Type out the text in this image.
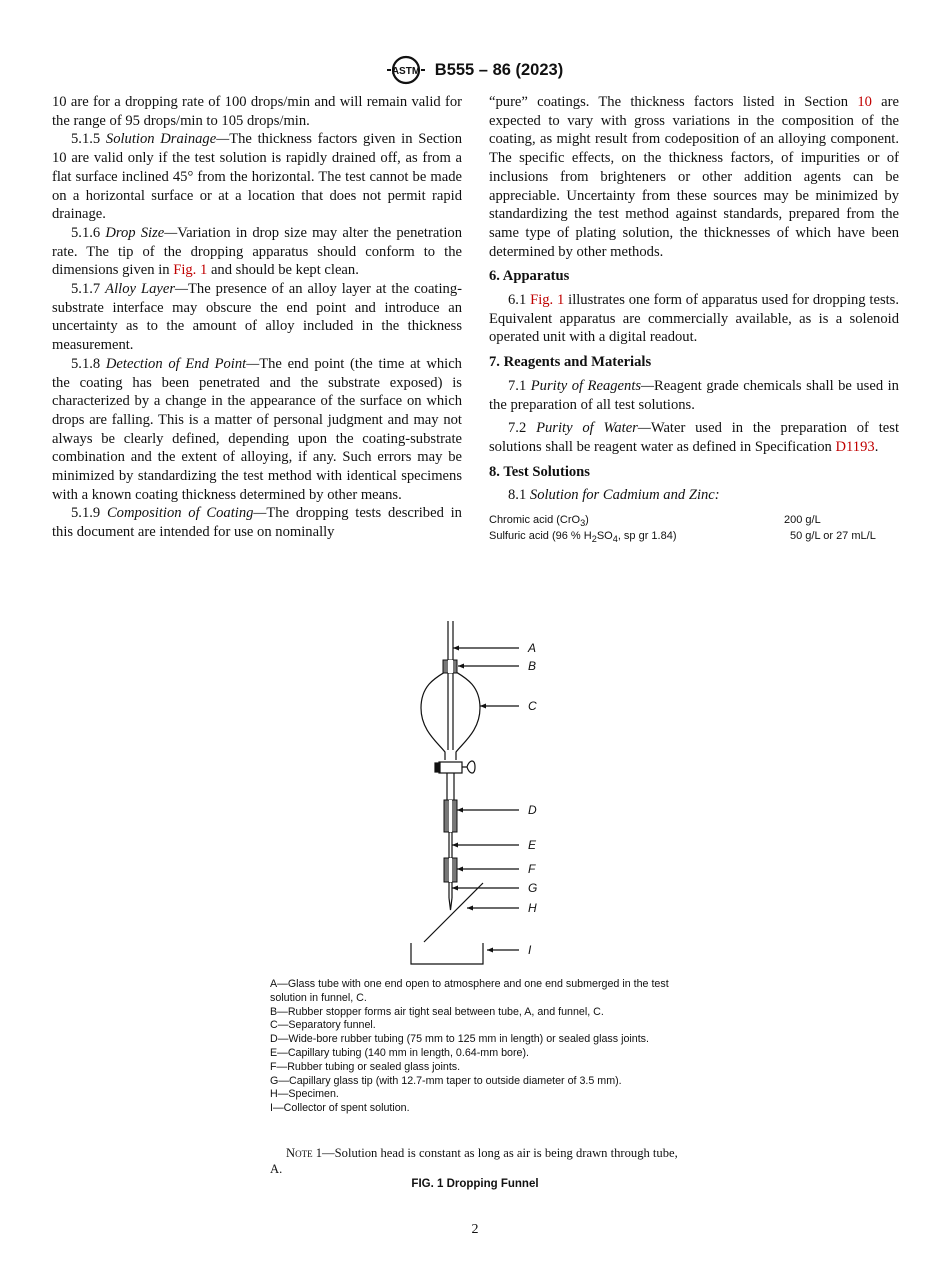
ASTM B555 – 86 (2023)

10 are for a dropping rate of 100 drops/min and will remain valid for the range of 95 drops/min to 105 drops/min.

5.1.5 Solution Drainage—The thickness factors given in Section 10 are valid only if the test solution is rapidly drained off, as from a flat surface inclined 45° from the horizontal. The test cannot be made on a horizontal surface or at a location that does not permit rapid drainage.

5.1.6 Drop Size—Variation in drop size may alter the penetration rate. The tip of the dropping apparatus should conform to the dimensions given in Fig. 1 and should be kept clean.

5.1.7 Alloy Layer—The presence of an alloy layer at the coating-substrate interface may obscure the end point and introduce an uncertainty as to the amount of alloy included in the thickness measurement.

5.1.8 Detection of End Point—The end point (the time at which the coating has been penetrated and the substrate exposed) is characterized by a change in the appearance of the surface on which drops are falling. This is a matter of personal judgment and may not always be clearly defined, depending upon the coating-substrate combination and the extent of alloying, if any. Such errors may be minimized by standardizing the test method with identical specimens with a known coating thickness determined by other means.

5.1.9 Composition of Coating—The dropping tests described in this document are intended for use on nominally

“pure” coatings. The thickness factors listed in Section 10 are expected to vary with gross variations in the composition of the coating, as might result from codeposition of an alloying component. The specific effects, on the thickness factors, of impurities or of inclusions from brighteners or other addition agents can be appreciable. Uncertainty from these sources may be minimized by standardizing the test method against standards, prepared from the same type of plating solution, the thicknesses of which have been determined by other methods.

6. Apparatus

6.1 Fig. 1 illustrates one form of apparatus used for dropping tests. Equivalent apparatus are commercially available, as is a solenoid operated unit with a digital readout.

7. Reagents and Materials

7.1 Purity of Reagents—Reagent grade chemicals shall be used in the preparation of all test solutions.

7.2 Purity of Water—Water used in the preparation of test solutions shall be reagent water as defined in Specification D1193.

8. Test Solutions

8.1 Solution for Cadmium and Zinc:

Chromic acid (CrO$_3$)	200 g/L
Sulfuric acid (96 % $H_2SO_4$, sp gr 1.84)	50 g/L or 27 mL/L
A
B
C
D
E
F
G
H
I
A—Glass tube with one end open to atmosphere and one end submerged in the test solution in funnel, C.
B—Rubber stopper forms air tight seal between tube, A, and funnel, C.
C—Separatory funnel.
D—Wide-bore rubber tubing (75 mm to 125 mm in length) or sealed glass joints.
E—Capillary tubing (140 mm in length, 0.64-mm bore).
F—Rubber tubing or sealed glass joints.
G—Capillary glass tip (with 12.7-mm taper to outside diameter of 3.5 mm).
H—Specimen.
I—Collector of spent solution.
Note 1—Solution head is constant as long as air is being drawn through tube, A.
FIG. 1 Dropping Funnel
2
